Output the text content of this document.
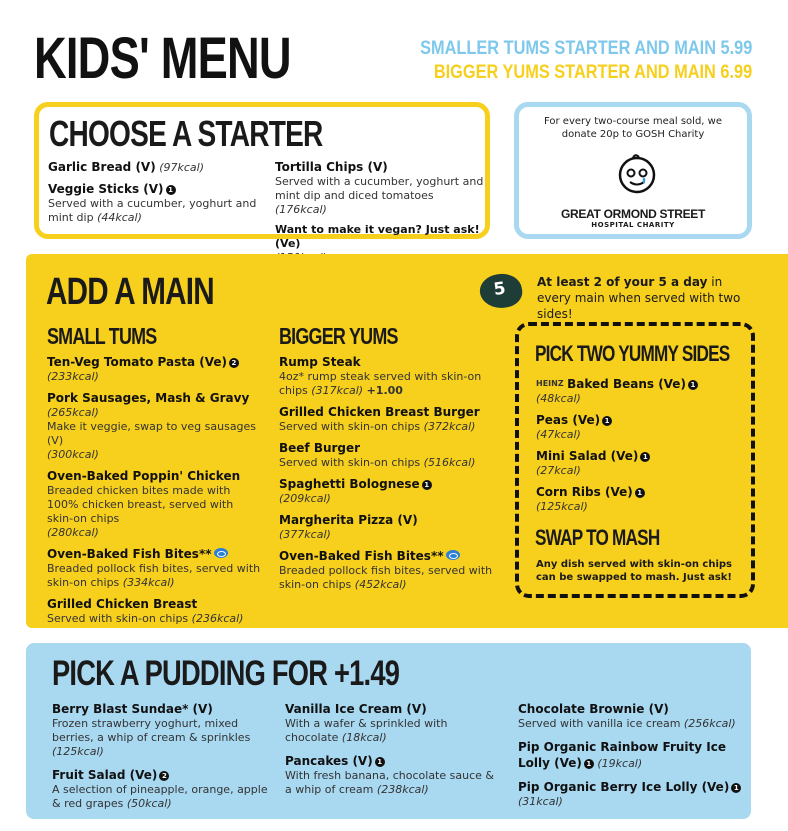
KIDS' MENU	SMALLER TUMS STARTER AND MAIN 5.99
BIGGER YUMS STARTER AND MAIN 6.99
CHOOSE A STARTER
Garlic Bread (V) (97kcal)
Veggie Sticks (V) 1
Served with a cucumber, yoghurt and mint dip (44kcal)
Tortilla Chips (V)
Served with a cucumber, yoghurt and mint dip and diced tomatoes (176kcal)
Want to make it vegan? Just ask! (Ve)
For every two-course meal sold, we donate 20p to GOSH Charity
GREAT ORMOND STREET
HOSPITAL CHARITY
ADD A MAIN	5	At least 2 of your 5 a day in every main when served with two sides!
SMALL TUMS
Ten-Veg Tomato Pasta (Ve) 2
(233kcal)
Pork Sausages, Mash & Gravy
(265kcal)
Make it veggie, swap to veg sausages (V)
(300kcal)
Oven-Baked Poppin' Chicken
Breaded chicken bites made with 100% chicken breast, served with skin-on chips
(280kcal)
Oven-Baked Fish Bites**
Breaded pollock fish bites, served with skin-on chips (334kcal)
Grilled Chicken Breast
Served with skin-on chips (236kcal)
BIGGER YUMS
Rump Steak
4oz* rump steak served with skin-on chips (317kcal) +1.00
Grilled Chicken Breast Burger
Served with skin-on chips (372kcal)
Beef Burger
Served with skin-on chips (516kcal)
Spaghetti Bolognese 1
(209kcal)
Margherita Pizza (V)
(377kcal)
Oven-Baked Fish Bites**
Breaded pollock fish bites, served with skin-on chips (452kcal)
PICK TWO YUMMY SIDES
HEINZ Baked Beans (Ve) 1
(48kcal)
Peas (Ve) 1
(47kcal)
Mini Salad (Ve) 1
(27kcal)
Corn Ribs (Ve) 1
(125kcal)
SWAP TO MASH
Any dish served with skin-on chips can be swapped to mash. Just ask!
PICK A PUDDING FOR +1.49
Berry Blast Sundae* (V)
Frozen strawberry yoghurt, mixed berries, a whip of cream & sprinkles (125kcal)
Fruit Salad (Ve) 2
A selection of pineapple, orange, apple & red grapes (50kcal)
Vanilla Ice Cream (V)
With a wafer & sprinkled with chocolate (18kcal)
Pancakes (V) 1
With fresh banana, chocolate sauce & a whip of cream (238kcal)
Chocolate Brownie (V)
Served with vanilla ice cream (256kcal)
Pip Organic Rainbow Fruity Ice Lolly (Ve) 1 (19kcal)
Pip Organic Berry Ice Lolly (Ve) 1
(31kcal)
